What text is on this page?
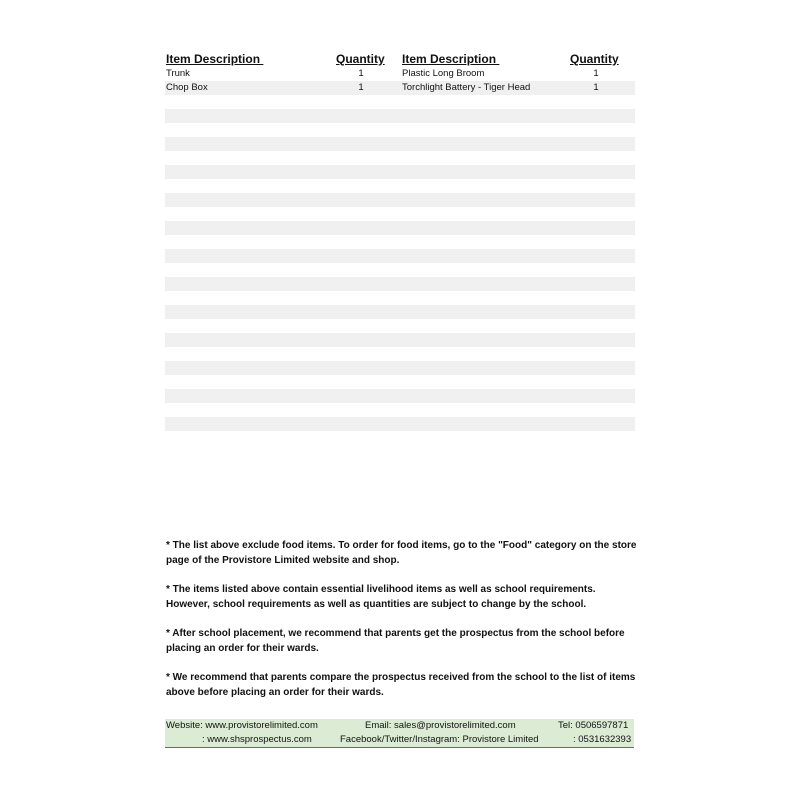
Item Description	Quantity Item Description	Quantity
Trunk	1	Plastic Long Broom	1
Chop Box	1	Torchlight Battery - Tiger Head	1

* The list above exclude food items. To order for food items, go to the "Food" category on the store page of the Provistore Limited website and shop.

* The items listed above contain essential livelihood items as well as school requirements. However, school requirements as well as quantities are subject to change by the school.

* After school placement, we recommend that parents get the prospectus from the school before placing an order for their wards.

* We recommend that parents compare the prospectus received from the school to the list of items above before placing an order for their wards.

Website: www.provistorelimited.com	Email: sales@provistorelimited.com	Tel: 0506597871
: www.shsprospectus.com	Facebook/Twitter/Instagram: Provistore Limited	: 0531632393
